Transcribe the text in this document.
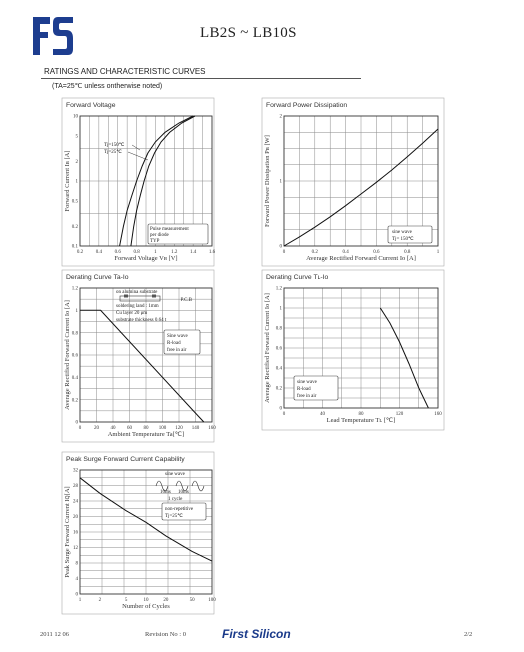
LB2S ~ LB10S
RATINGS AND CHARACTERISTIC CURVES
(TA=25℃ unless ontherwise noted)
Forward Voltage
0.2	0.4	0.6	0.8	1	1.2	1.4	1.6
0.1
0.2
0.5
1
2
5
10
Forward Voltage Vʙ [V]
Forward Current Iʙ [A]
Tj=150℃
Tj=25℃
Pulse measurement
per diode
TYP
Forward Power Dissipation
0	0.2	0.4	0.6	0.8	1
0
1
2
Average Rectified Forward Current Io [A]
Forward Power Dissipation Pʙ [W]
sine wave
Tj= 150℃
Derating Curve Ta-Io
0	20 40 60 80 100 120 140 160
0
0.2
0.4
0.6
0.8
1
1.2
Ambient Temperature Ta[℃]
Average Rectified Forward Current Io [A]
on alumina substrate
P.C.B
soldering land : 1mm
Cu layer 20 μm
substrate thickness 0.64 t
Sine wave
R-load
free in air
Derating Curve Tʟ-Io
0	40	80	120	160
0
0.2
0.4
0.6
0.8
1
1.2
Lead Temperature Tʟ [℃]
Average Rectified Forward Current Io [A]	sine wave
R-load
free in air
Peak Surge Forward Current Capability
1	2	5	10	20	50	100
0
4
8
12
16
20
24
28
32
Number of Cycles
Peak Surge Forward Current Iꞯ[A]
sine wave
10ms 10ms
1 cycle
non-repetitive
Tj=25℃
2011 12 06	Revision No : 0	First Silicon	2/2
